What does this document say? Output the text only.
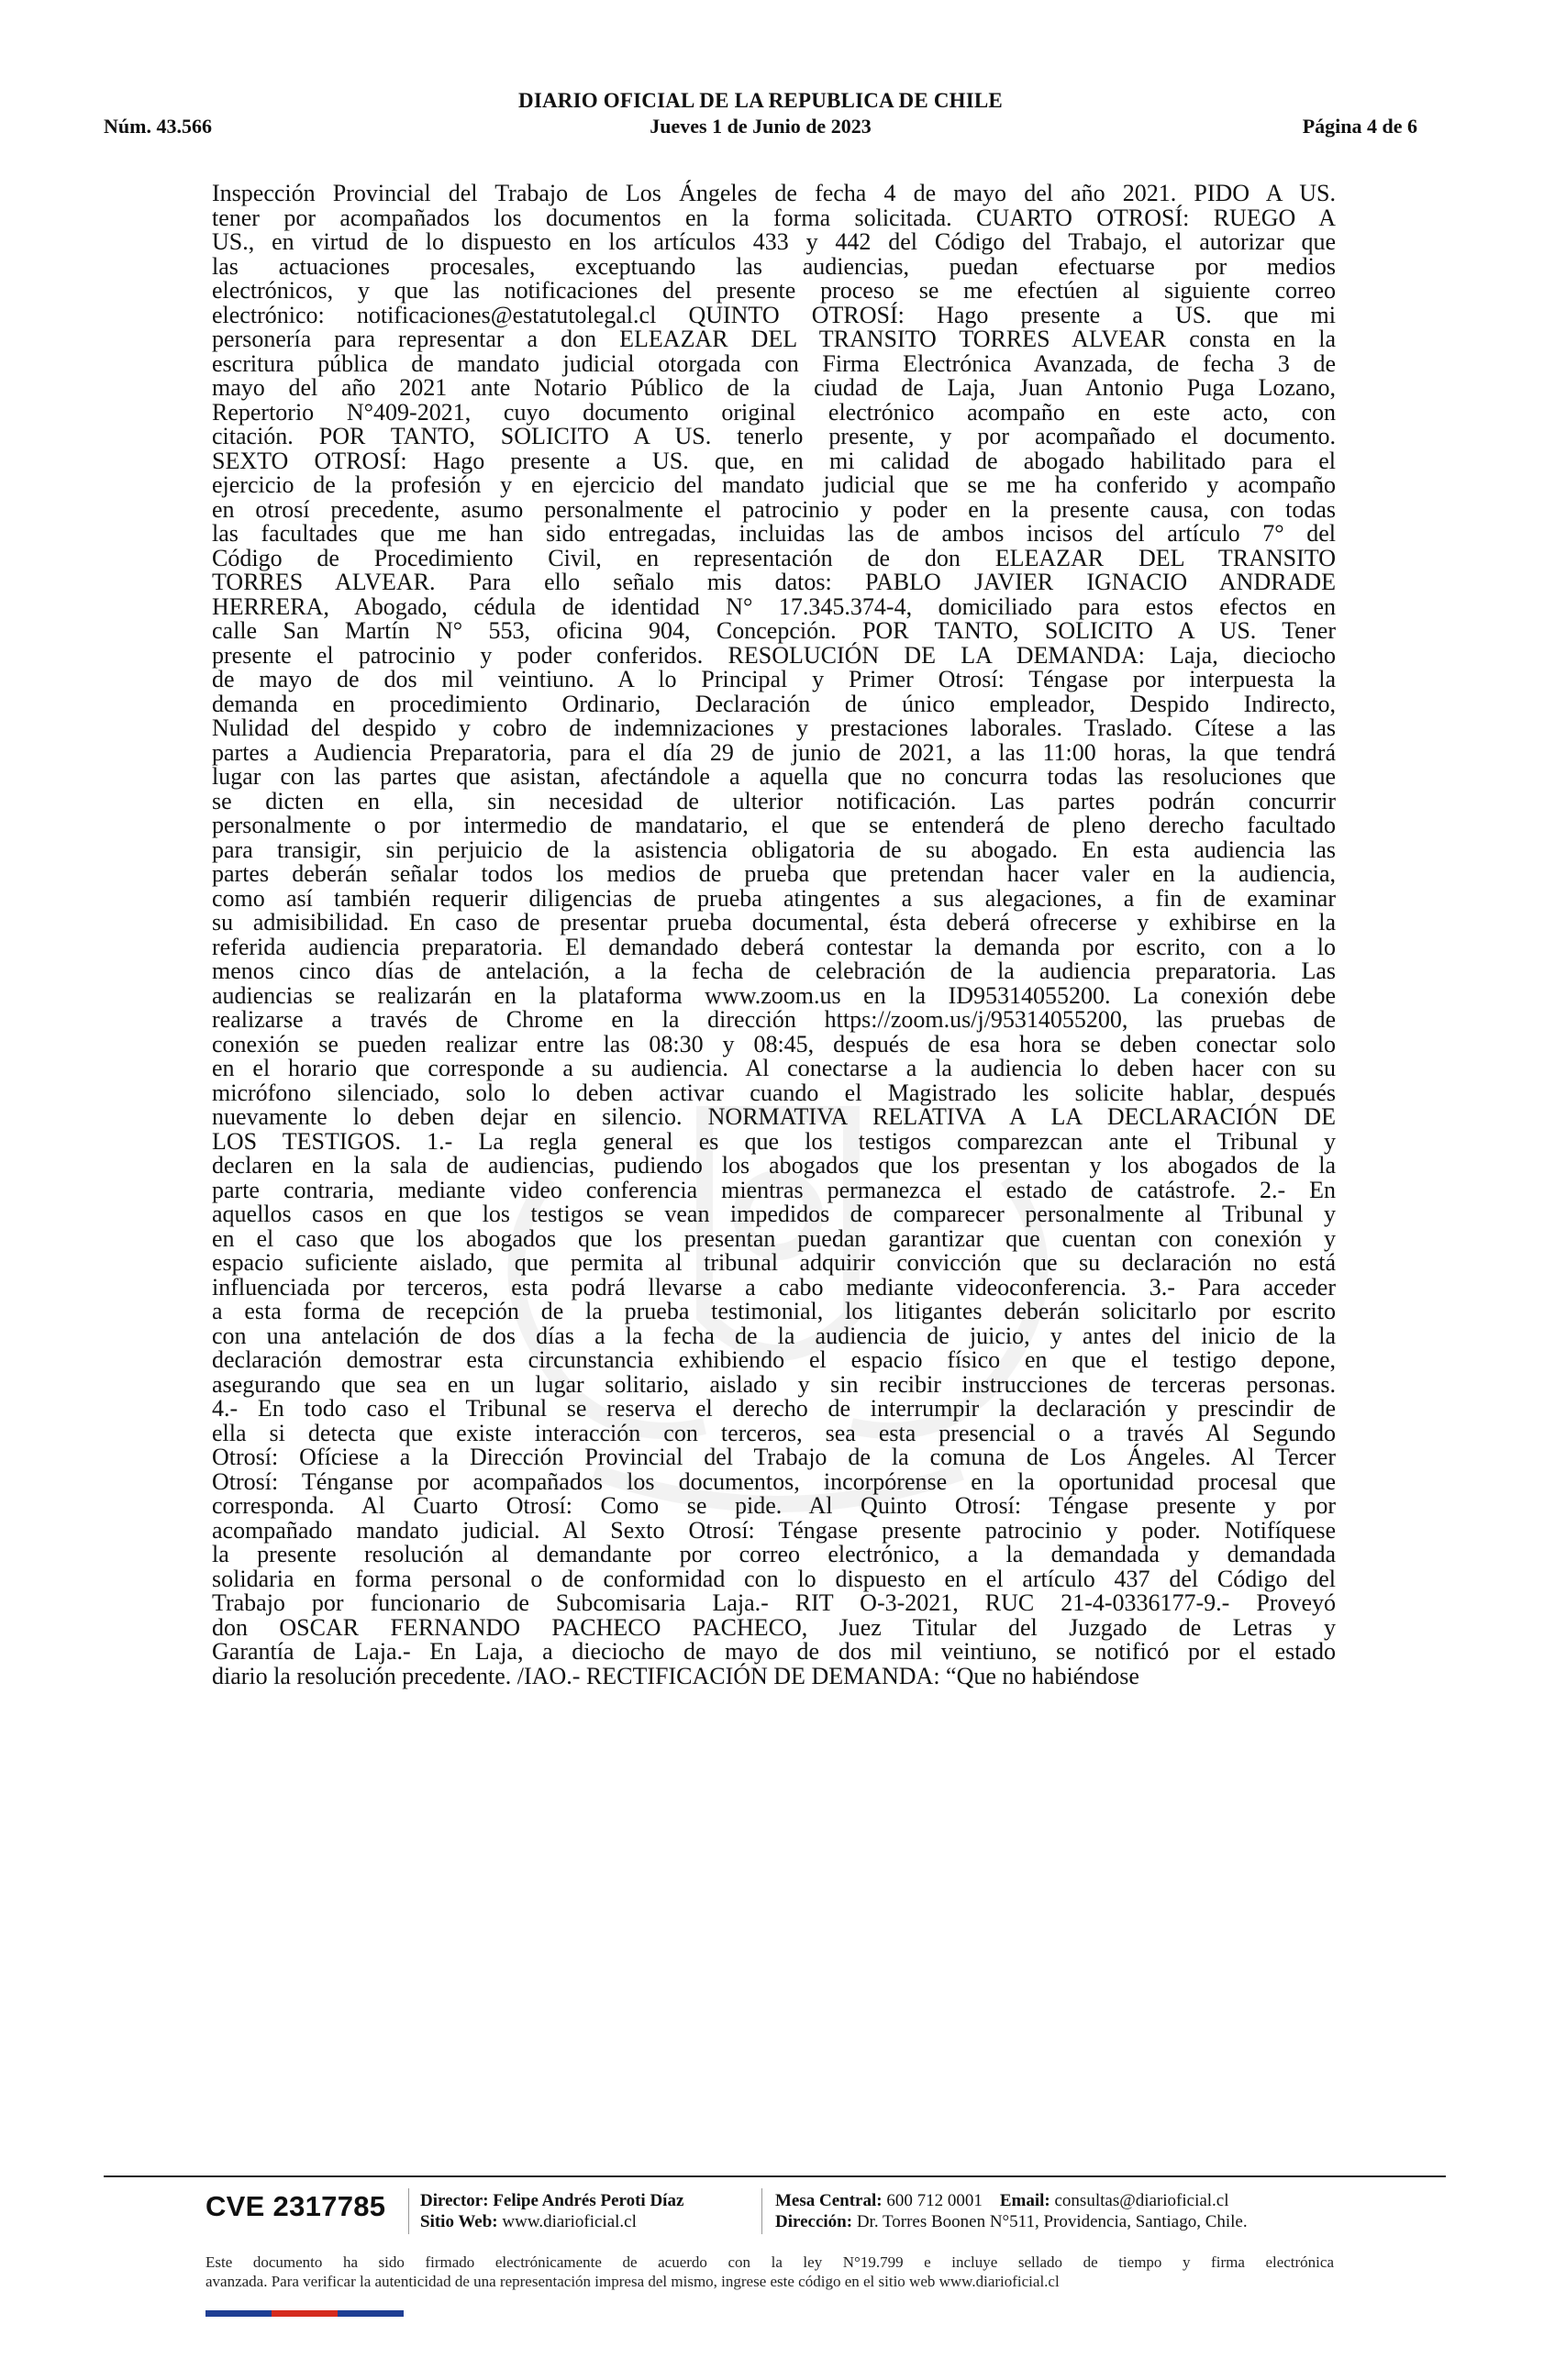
DIARIO OFICIAL DE LA REPUBLICA DE CHILE
Núm. 43.566	Jueves 1 de Junio de 2023	Página 4 de 6
Inspección Provincial del Trabajo de Los Ángeles de fecha 4 de mayo del año 2021. PIDO A US.
tener por acompañados los documentos en la forma solicitada. CUARTO OTROSÍ: RUEGO A
US., en virtud de lo dispuesto en los artículos 433 y 442 del Código del Trabajo, el autorizar que
las actuaciones procesales, exceptuando las audiencias, puedan efectuarse por medios
electrónicos, y que las notificaciones del presente proceso se me efectúen al siguiente correo
electrónico: notificaciones@estatutolegal.cl QUINTO OTROSÍ: Hago presente a US. que mi
personería para representar a don ELEAZAR DEL TRANSITO TORRES ALVEAR consta en la
escritura pública de mandato judicial otorgada con Firma Electrónica Avanzada, de fecha 3 de
mayo del año 2021 ante Notario Público de la ciudad de Laja, Juan Antonio Puga Lozano,
Repertorio N°409-2021, cuyo documento original electrónico acompaño en este acto, con
citación. POR TANTO, SOLICITO A US. tenerlo presente, y por acompañado el documento.
SEXTO OTROSÍ: Hago presente a US. que, en mi calidad de abogado habilitado para el
ejercicio de la profesión y en ejercicio del mandato judicial que se me ha conferido y acompaño
en otrosí precedente, asumo personalmente el patrocinio y poder en la presente causa, con todas
las facultades que me han sido entregadas, incluidas las de ambos incisos del artículo 7° del
Código de Procedimiento Civil, en representación de don ELEAZAR DEL TRANSITO
TORRES ALVEAR. Para ello señalo mis datos: PABLO JAVIER IGNACIO ANDRADE
HERRERA, Abogado, cédula de identidad N° 17.345.374-4, domiciliado para estos efectos en
calle San Martín N° 553, oficina 904, Concepción. POR TANTO, SOLICITO A US. Tener
presente el patrocinio y poder conferidos. RESOLUCIÓN DE LA DEMANDA: Laja, dieciocho
de mayo de dos mil veintiuno. A lo Principal y Primer Otrosí: Téngase por interpuesta la
demanda en procedimiento Ordinario, Declaración de único empleador, Despido Indirecto,
Nulidad del despido y cobro de indemnizaciones y prestaciones laborales. Traslado. Cítese a las
partes a Audiencia Preparatoria, para el día 29 de junio de 2021, a las 11:00 horas, la que tendrá
lugar con las partes que asistan, afectándole a aquella que no concurra todas las resoluciones que
se dicten en ella, sin necesidad de ulterior notificación. Las partes podrán concurrir
personalmente o por intermedio de mandatario, el que se entenderá de pleno derecho facultado
para transigir, sin perjuicio de la asistencia obligatoria de su abogado. En esta audiencia las
partes deberán señalar todos los medios de prueba que pretendan hacer valer en la audiencia,
como así también requerir diligencias de prueba atingentes a sus alegaciones, a fin de examinar
su admisibilidad. En caso de presentar prueba documental, ésta deberá ofrecerse y exhibirse en la
referida audiencia preparatoria. El demandado deberá contestar la demanda por escrito, con a lo
menos cinco días de antelación, a la fecha de celebración de la audiencia preparatoria. Las
audiencias se realizarán en la plataforma www.zoom.us en la ID95314055200. La conexión debe
realizarse a través de Chrome en la dirección https://zoom.us/j/95314055200, las pruebas de
conexión se pueden realizar entre las 08:30 y 08:45, después de esa hora se deben conectar solo
en el horario que corresponde a su audiencia. Al conectarse a la audiencia lo deben hacer con su
micrófono silenciado, solo lo deben activar cuando el Magistrado les solicite hablar, después
nuevamente lo deben dejar en silencio. NORMATIVA RELATIVA A LA DECLARACIÓN DE
LOS TESTIGOS. 1.- La regla general es que los testigos comparezcan ante el Tribunal y
declaren en la sala de audiencias, pudiendo los abogados que los presentan y los abogados de la
parte contraria, mediante video conferencia mientras permanezca el estado de catástrofe. 2.- En
aquellos casos en que los testigos se vean impedidos de comparecer personalmente al Tribunal y
en el caso que los abogados que los presentan puedan garantizar que cuentan con conexión y
espacio suficiente aislado, que permita al tribunal adquirir convicción que su declaración no está
influenciada por terceros, esta podrá llevarse a cabo mediante videoconferencia. 3.- Para acceder
a esta forma de recepción de la prueba testimonial, los litigantes deberán solicitarlo por escrito
con una antelación de dos días a la fecha de la audiencia de juicio, y antes del inicio de la
declaración demostrar esta circunstancia exhibiendo el espacio físico en que el testigo depone,
asegurando que sea en un lugar solitario, aislado y sin recibir instrucciones de terceras personas.
4.- En todo caso el Tribunal se reserva el derecho de interrumpir la declaración y prescindir de
ella si detecta que existe interacción con terceros, sea esta presencial o a través Al Segundo
Otrosí: Ofíciese a la Dirección Provincial del Trabajo de la comuna de Los Ángeles. Al Tercer
Otrosí: Ténganse por acompañados los documentos, incorpórense en la oportunidad procesal que
corresponda. Al Cuarto Otrosí: Como se pide. Al Quinto Otrosí: Téngase presente y por
acompañado mandato judicial. Al Sexto Otrosí: Téngase presente patrocinio y poder. Notifíquese
la presente resolución al demandante por correo electrónico, a la demandada y demandada
solidaria en forma personal o de conformidad con lo dispuesto en el artículo 437 del Código del
Trabajo por funcionario de Subcomisaria Laja.- RIT O-3-2021, RUC 21-4-0336177-9.- Proveyó
don OSCAR FERNANDO PACHECO PACHECO, Juez Titular del Juzgado de Letras y
Garantía de Laja.- En Laja, a dieciocho de mayo de dos mil veintiuno, se notificó por el estado
diario la resolución precedente. /IAO.- RECTIFICACIÓN DE DEMANDA: “Que no habiéndose
CVE 2317785 Director: Felipe Andrés Peroti Díaz
Sitio Web: www.diarioficial.cl
Mesa Central: 600 712 0001 Email: consultas@diarioficial.cl
Dirección: Dr. Torres Boonen N°511, Providencia, Santiago, Chile.
Este documento ha sido firmado electrónicamente de acuerdo con la ley N°19.799 e incluye sellado de tiempo y firma electrónica
avanzada. Para verificar la autenticidad de una representación impresa del mismo, ingrese este código en el sitio web www.diarioficial.cl
